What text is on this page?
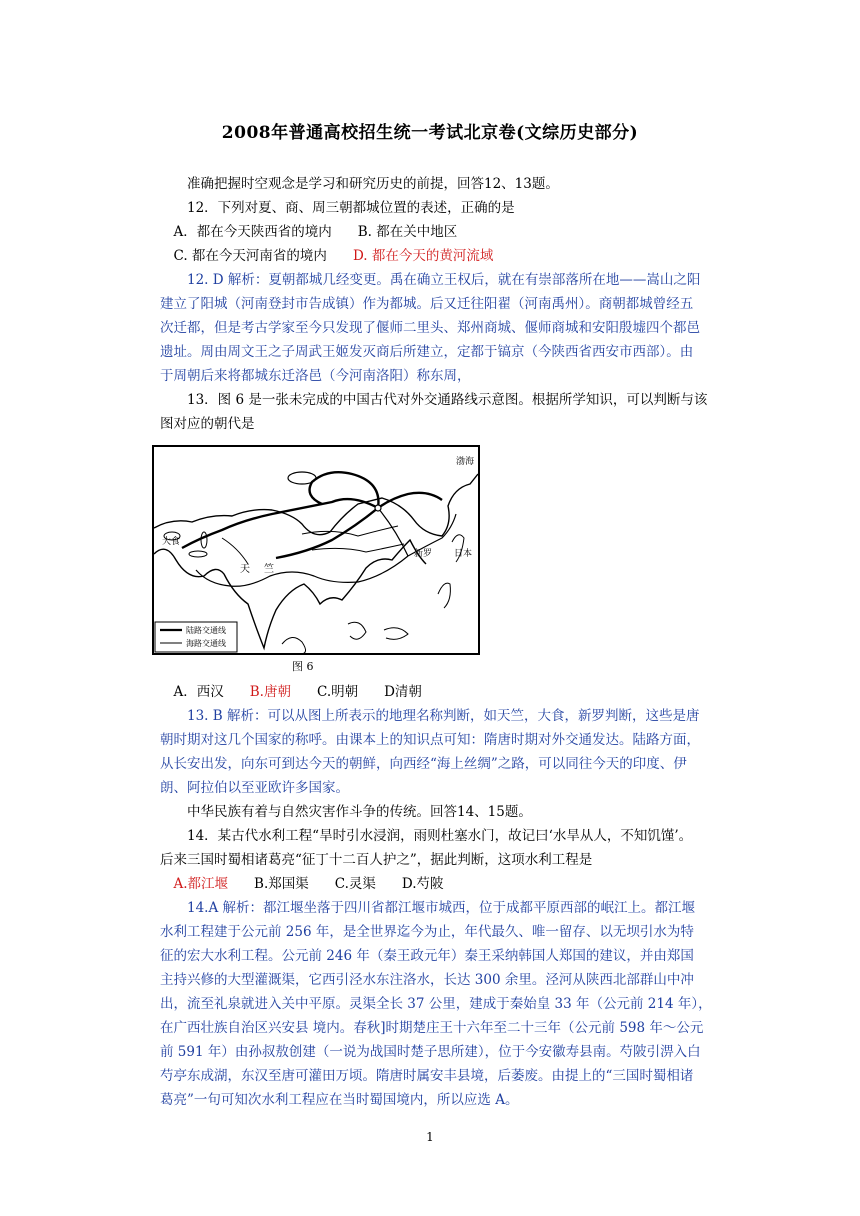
2008年普通高校招生统一考试北京卷(文综历史部分)
准确把握时空观念是学习和研究历史的前提，回答12、13题。
12．下列对夏、商、周三朝都城位置的表述，正确的是
A．都在今天陕西省的境内 B. 都在关中地区
C. 都在今天河南省的境内 D. 都在今天的黄河流域
12. D 解析：夏朝都城几经变更。禹在确立王权后，就在有崇部落所在地——嵩山之阳
建立了阳城（河南登封市告成镇）作为都城。后又迁往阳翟（河南禹州）。商朝都城曾经五
次迁都，但是考古学家至今只发现了偃师二里头、郑州商城、偃师商城和安阳殷墟四个都邑
遗址。周由周文王之子周武王姬发灭商后所建立，定都于镐京（今陕西省西安市西部）。由
于周朝后来将都城东迁洛邑（今河南洛阳）称东周，
13．图 6 是一张未完成的中国古代对外交通路线示意图。根据所学知识，可以判断与该
图对应的朝代是
渤海
新罗
大食
天竺
日本
陆路交通线
海路交通线
图 6
A．西汉 B.唐朝 C.明朝 D清朝
13. B 解析：可以从图上所表示的地理名称判断，如天竺，大食，新罗判断，这些是唐
朝时期对这几个国家的称呼。由课本上的知识点可知：隋唐时期对外交通发达。陆路方面，
从长安出发，向东可到达今天的朝鲜，向西经“海上丝绸”之路，可以同往今天的印度、伊
朗、阿拉伯以至亚欧许多国家。
中华民族有着与自然灾害作斗争的传统。回答14、15题。
14．某古代水利工程“旱时引水浸润，雨则杜塞水门，故记曰‘水旱从人，不知饥馑’。
后来三国时蜀相诸葛亮“征丁十二百人护之”，据此判断，这项水利工程是
A.都江堰 B.郑国渠 C.灵渠 D.芍陂
14.A 解析：都江堰坐落于四川省都江堰市城西，位于成都平原西部的岷江上。都江堰
水利工程建于公元前 256 年，是全世界迄今为止，年代最久、唯一留存、以无坝引水为特
征的宏大水利工程。公元前 246 年（秦王政元年）秦王采纳韩国人郑国的建议，并由郑国
主持兴修的大型灌溉渠，它西引泾水东注洛水，长达 300 余里。泾河从陕西北部群山中冲
出，流至礼泉就进入关中平原。灵渠全长 37 公里，建成于秦始皇 33 年（公元前 214 年），
在广西壮族自治区兴安县 境内。春秋]时期楚庄王十六年至二十三年（公元前 598 年～公元
前 591 年）由孙叔敖创建（一说为战国时楚子思所建），位于今安徽寿县南。芍陂引淠入白
芍亭东成湖，东汉至唐可灌田万顷。隋唐时属安丰县境，后萎废。由提上的“三国时蜀相诸
葛亮”一句可知次水利工程应在当时蜀国境内，所以应选 A。
1
